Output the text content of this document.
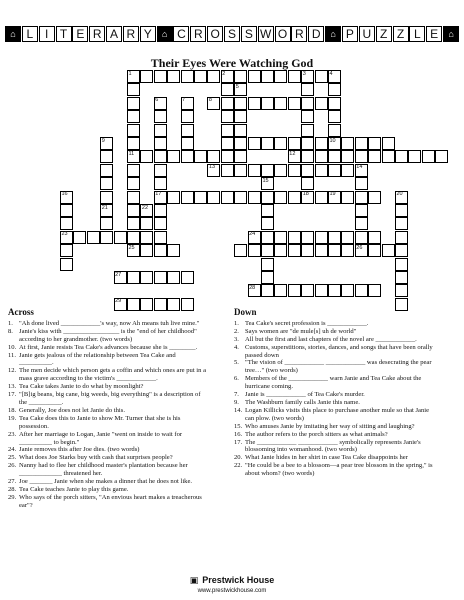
⌂ L I T E R A R Y	⌂ C R O S S W O R D	⌂ P U Z Z L E	⌂
Their Eyes Were Watching God
1
8
10
11	12
13
17	18	19
23	24
25	26
27
28
29
2	3	4
5
6	7
9
14
15
16	20
21	22
Across
1. "Ah done lived ____________'s way, now Ah means tuh live mine."
8. Janie's kiss with _________________ is the "end of her childhood" according to her grandmother. (two words)
10. At first, Janie resists Tea Cake's advances because she is ________.
11. Janie gets jealous of the relationship between Tea Cake and __________.
12. The men decide which person gets a coffin and which ones are put in a mass grave according to the victim's ____________.
13. Tea Cake takes Janie to do what by moonlight?
17. "[B]ig beans, big cane, big weeds, big everything" is a description of the __________.
18. Generally, Joe does not let Janie do this.
19. Tea Cake does this to Janie to show Mr. Turner that she is his possession.
23. After her marriage to Logan, Janie "went on inside to wait for __________ to begin."
24. Janie removes this after Joe dies. (two words)
25. What does Joe Starks buy with cash that surprises people?
26. Nanny had to flee her childhood master's plantation because her _____________ threatened her.
27. Joe _______ Janie when she makes a dinner that he does not like.
28. Tea Cake teaches Janie to play this game.
29. Who says of the porch sitters, "An envious heart makes a treacherous ear"?
Down
1. Tea Cake's secret profession is ____________.
2. Says women are "de mule[s] uh de world"
3. All but the first and last chapters of the novel are ____________.
4. Customs, superstitions, stories, dances, and songs that have been orally passed down
5. "The vision of ____________ ____________ was desecrating the pear tree…" (two words)
6. Members of the ____________ warn Janie and Tea Cake about the hurricane coming.
7. Janie is ____________ of Tea Cake's murder.
9. The Washburn family calls Janie this name.
14. Logan Killicks visits this place to purchase another mule so that Janie can plow. (two words)
15. Who amuses Janie by imitating her way of sitting and laughing?
16. The author refers to the porch sitters as what animals?
17. The ____________ ____________ symbolically represents Janie's blossoming into womanhood. (two words)
20. What Janie hides in her shirt in case Tea Cake disappoints her
22. "He could be a bee to a blossom—a pear tree blossom in the spring," is about whom? (two words)
▣ Prestwick House
www.prestwickhouse.com
